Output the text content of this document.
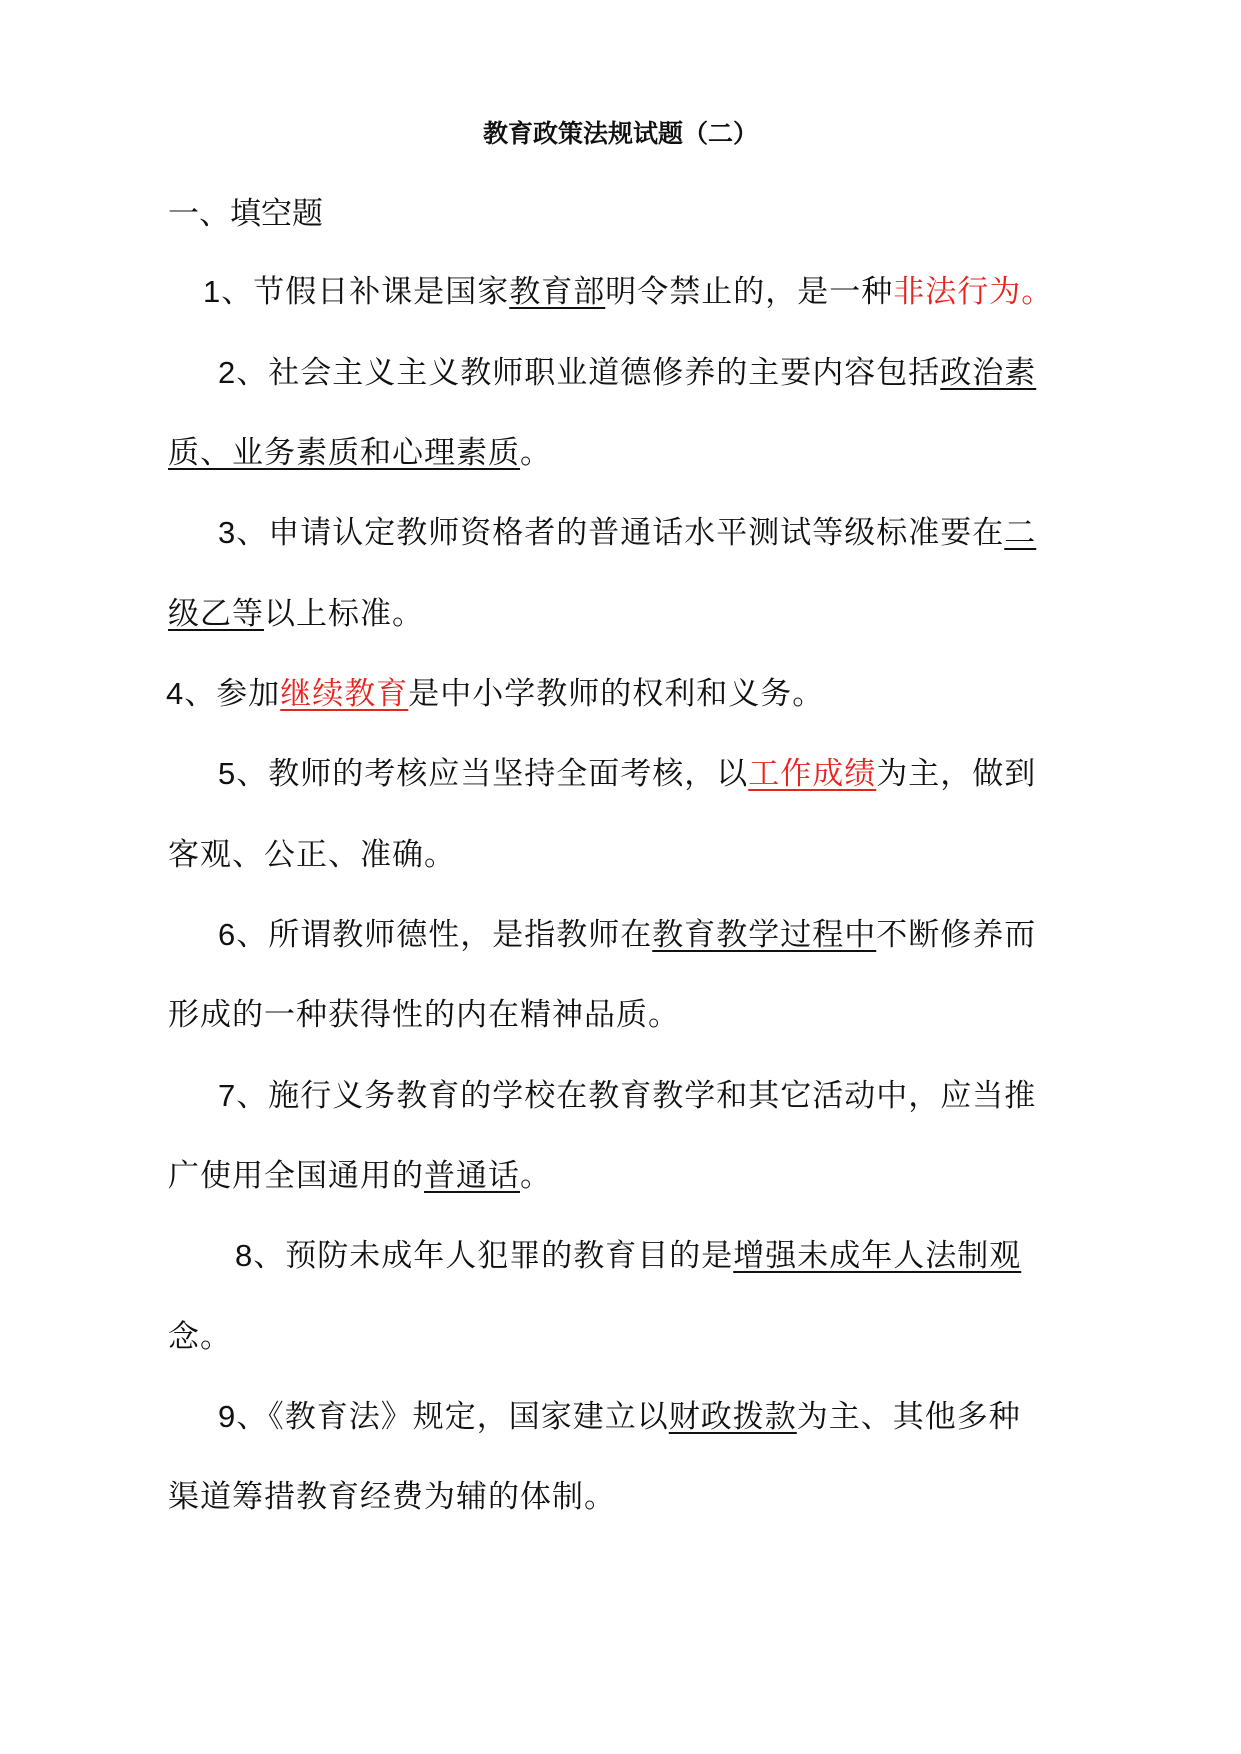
教育政策法规试题（二）
一、填空题
1、节假日补课是国家教育部明令禁止的，是一种非法行为。
2、社会主义主义教师职业道德修养的主要内容包括政治素
质、业务素质和心理素质。
3、申请认定教师资格者的普通话水平测试等级标准要在二
级乙等以上标准。
4、参加继续教育是中小学教师的权利和义务。
5、教师的考核应当坚持全面考核，以工作成绩为主，做到
客观、公正、准确。
6、所谓教师德性，是指教师在教育教学过程中不断修养而
形成的一种获得性的内在精神品质。
7、施行义务教育的学校在教育教学和其它活动中，应当推
广使用全国通用的普通话。
8、预防未成年人犯罪的教育目的是增强未成年人法制观
念。
9、《教育法》规定，国家建立以财政拨款为主、其他多种
渠道筹措教育经费为辅的体制。
